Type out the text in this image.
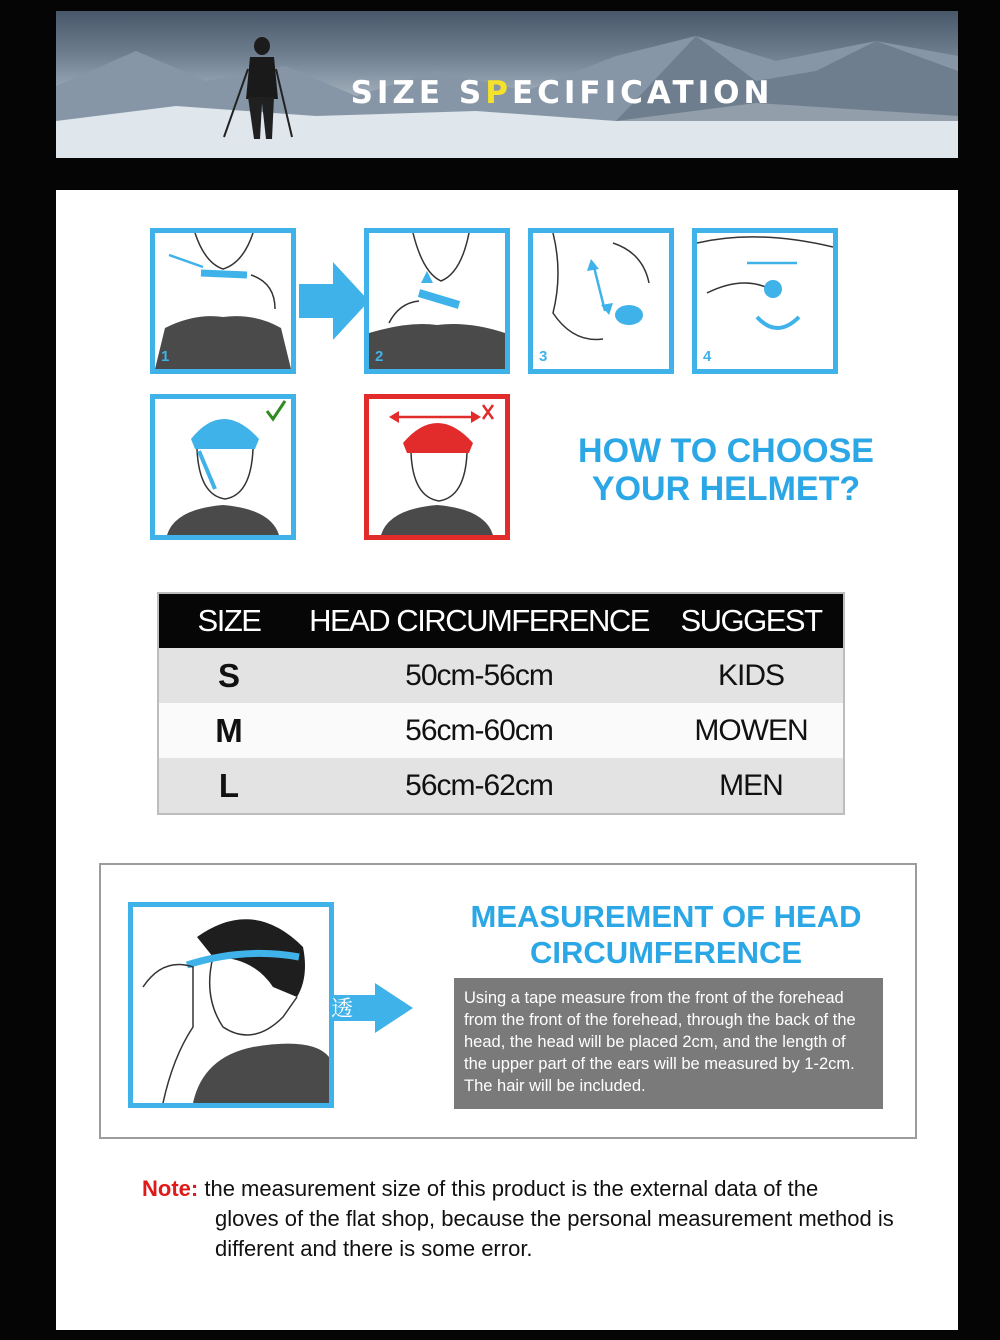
SIZE SPECIFICATION
1	2	3	4
HOW TO CHOOSE
YOUR HELMET?
SIZE	HEAD CIRCUMFERENCE	SUGGEST
S	50cm-56cm	KIDS
M	56cm-60cm	MOWEN
L	56cm-62cm	MEN
透
MEASUREMENT OF HEAD
CIRCUMFERENCE
Using a tape measure from the front of the forehead from the front of the forehead, through the back of the head, the head will be placed 2cm, and the length of the upper part of the ears will be measured by 1-2cm. The hair will be included.
Note: the measurement size of this product is the external data of the
gloves of the flat shop, because the personal measurement method is different and there is some error.
